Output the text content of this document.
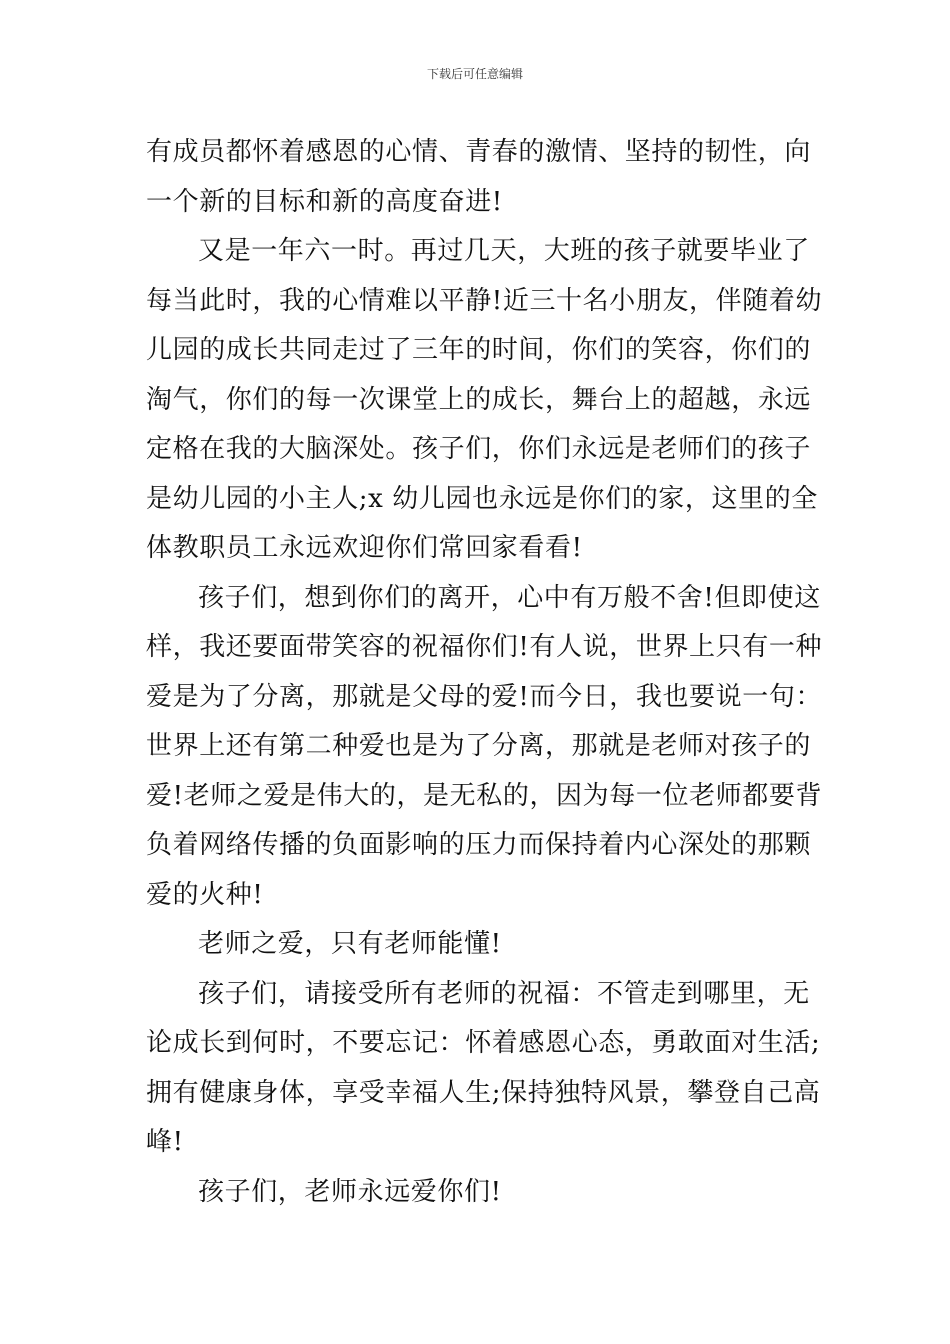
下载后可任意编辑
有成员都怀着感恩的心情、青春的激情、坚持的韧性，向
一个新的目标和新的高度奋进!
又是一年六一时。再过几天，大班的孩子就要毕业了
每当此时，我的心情难以平静!近三十名小朋友，伴随着幼
儿园的成长共同走过了三年的时间，你们的笑容，你们的
淘气，你们的每一次课堂上的成长，舞台上的超越，永远
定格在我的大脑深处。孩子们，你们永远是老师们的孩子
是幼儿园的小主人;x 幼儿园也永远是你们的家，这里的全
体教职员工永远欢迎你们常回家看看!
孩子们，想到你们的离开，心中有万般不舍!但即使这
样，我还要面带笑容的祝福你们!有人说，世界上只有一种
爱是为了分离，那就是父母的爱!而今日，我也要说一句：
世界上还有第二种爱也是为了分离，那就是老师对孩子的
爱!老师之爱是伟大的，是无私的，因为每一位老师都要背
负着网络传播的负面影响的压力而保持着内心深处的那颗
爱的火种!
老师之爱，只有老师能懂!
孩子们，请接受所有老师的祝福：不管走到哪里，无
论成长到何时，不要忘记：怀着感恩心态，勇敢面对生活;
拥有健康身体，享受幸福人生;保持独特风景，攀登自己高
峰!
孩子们，老师永远爱你们!
